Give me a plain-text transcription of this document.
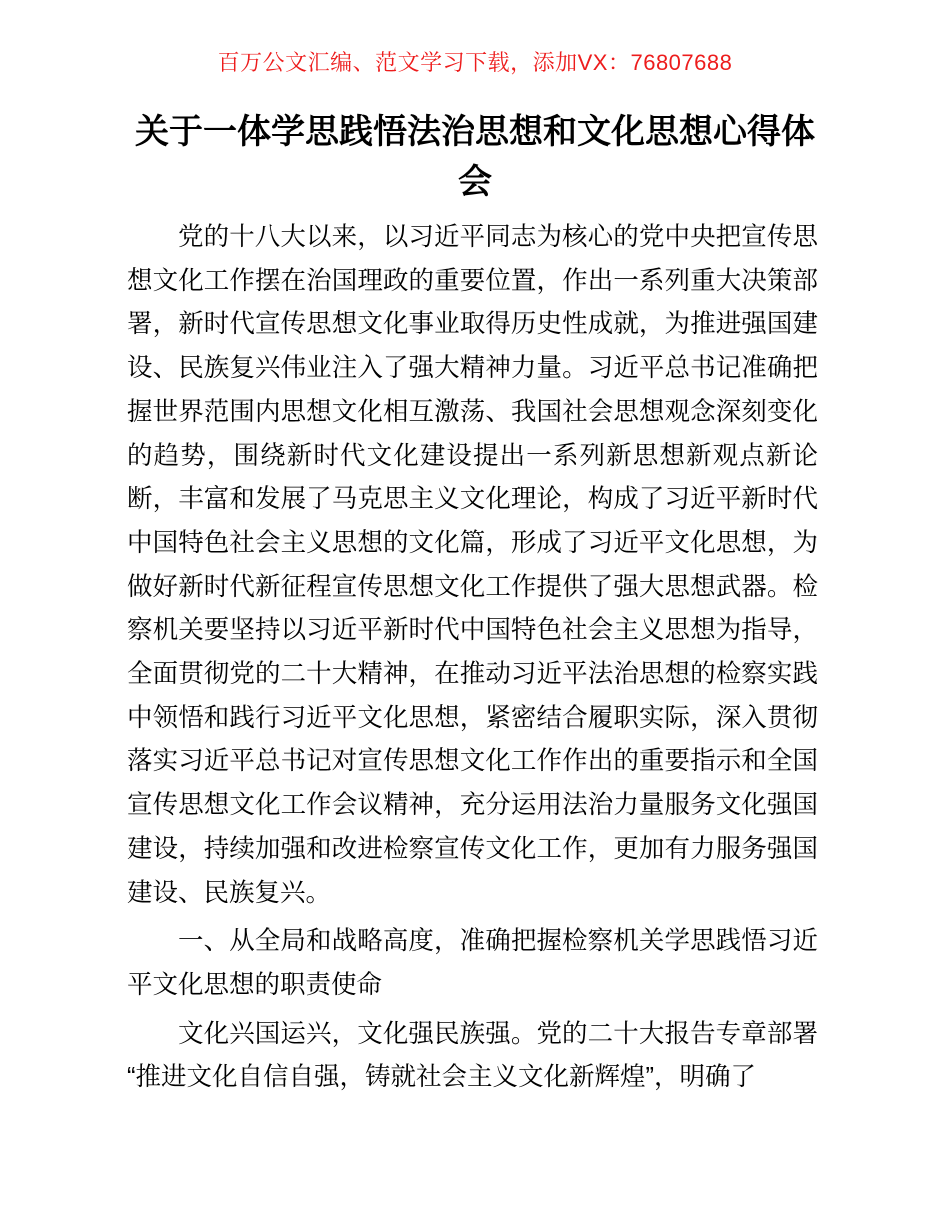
百万公文汇编、范文学习下载，添加VX：76807688
关于一体学思践悟法治思想和文化思想心得体会

党的十八大以来，以习近平同志为核心的党中央把宣传思想文化工作摆在治国理政的重要位置，作出一系列重大决策部署，新时代宣传思想文化事业取得历史性成就，为推进强国建设、民族复兴伟业注入了强大精神力量。习近平总书记准确把握世界范围内思想文化相互激荡、我国社会思想观念深刻变化的趋势，围绕新时代文化建设提出一系列新思想新观点新论断，丰富和发展了马克思主义文化理论，构成了习近平新时代中国特色社会主义思想的文化篇，形成了习近平文化思想，为做好新时代新征程宣传思想文化工作提供了强大思想武器。检察机关要坚持以习近平新时代中国特色社会主义思想为指导，全面贯彻党的二十大精神，在推动习近平法治思想的检察实践中领悟和践行习近平文化思想，紧密结合履职实际，深入贯彻落实习近平总书记对宣传思想文化工作作出的重要指示和全国宣传思想文化工作会议精神，充分运用法治力量服务文化强国建设，持续加强和改进检察宣传文化工作，更加有力服务强国建设、民族复兴。

一、从全局和战略高度，准确把握检察机关学思践悟习近平文化思想的职责使命

文化兴国运兴，文化强民族强。党的二十大报告专章部署“推进文化自信自强，铸就社会主义文化新辉煌”，明确了
